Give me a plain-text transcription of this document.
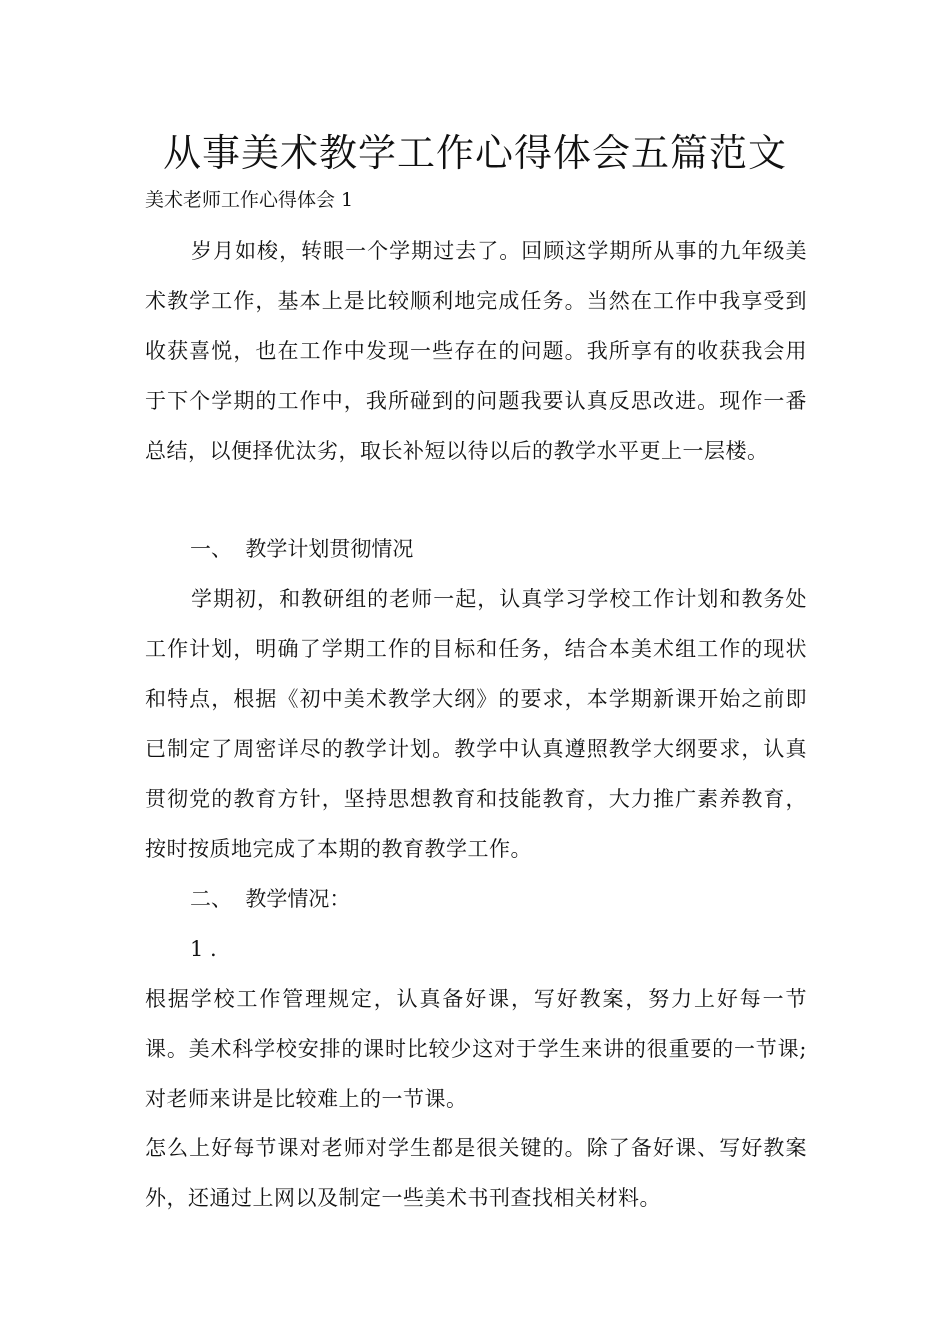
从事美术教学工作心得体会五篇范文

美术老师工作心得体会 1

岁月如梭，转眼一个学期过去了。回顾这学期所从事的九年级美术教学工作，基本上是比较顺利地完成任务。当然在工作中我享受到收获喜悦，也在工作中发现一些存在的问题。我所享有的收获我会用于下个学期的工作中，我所碰到的问题我要认真反思改进。现作一番总结，以便择优汰劣，取长补短以待以后的教学水平更上一层楼。

一、  教学计划贯彻情况

学期初，和教研组的老师一起，认真学习学校工作计划和教务处工作计划，明确了学期工作的目标和任务，结合本美术组工作的现状和特点，根据《初中美术教学大纲》的要求，本学期新课开始之前即已制定了周密详尽的教学计划。教学中认真遵照教学大纲要求，认真贯彻党的教育方针，坚持思想教育和技能教育，大力推广素养教育，按时按质地完成了本期的教育教学工作。

二、  教学情况：

1 .

根据学校工作管理规定，认真备好课，写好教案，努力上好每一节课。美术科学校安排的课时比较少这对于学生来讲的很重要的一节课;对老师来讲是比较难上的一节课。

怎么上好每节课对老师对学生都是很关键的。除了备好课、写好教案外，还通过上网以及制定一些美术书刊查找相关材料。
